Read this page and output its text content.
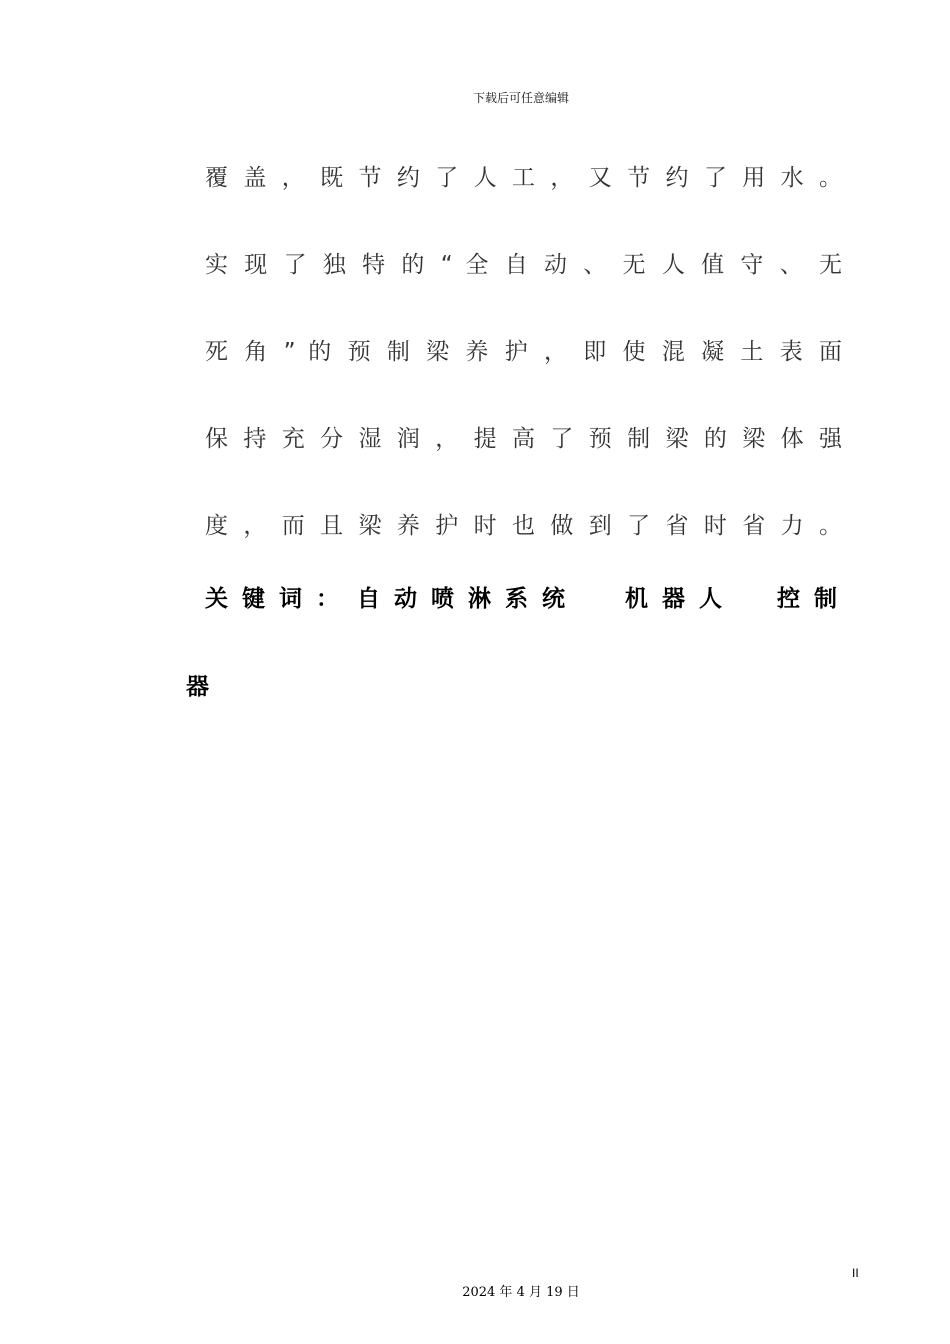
下载后可任意编辑
覆 盖 ， 既 节 约 了 人 工 ， 又 节 约 了 用 水 。
实 现 了 独 特 的 “ 全 自 动 、 无 人 值 守 、 无
死 角 ” 的 预 制 梁 养 护 ， 即 使 混 凝 土 表 面
保 持 充 分 湿 润 ， 提 高 了 预 制 梁 的 梁 体 强
度 ， 而 且 梁 养 护 时 也 做 到 了 省 时 省 力 。
关 键 词 ： 自 动 喷 淋 系 统 机 器 人 控 制
器
II
2024 年 4 月 19 日
